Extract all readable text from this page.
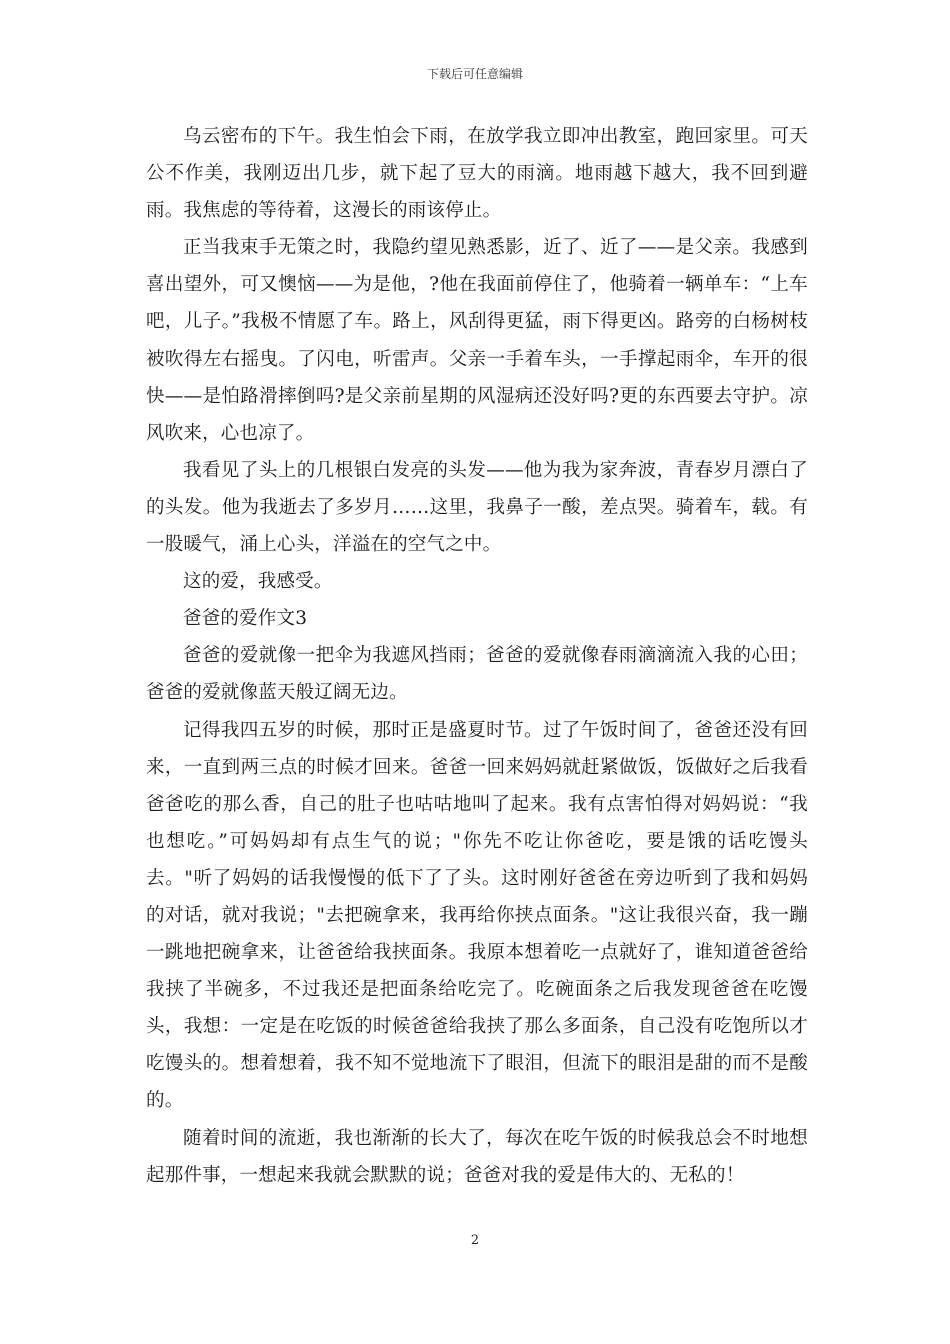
下载后可任意编辑

乌云密布的下午。我生怕会下雨，在放学我立即冲出教室，跑回家里。可天公不作美，我刚迈出几步，就下起了豆大的雨滴。地雨越下越大，我不回到避雨。我焦虑的等待着，这漫长的雨该停止。

正当我束手无策之时，我隐约望见熟悉影，近了、近了——是父亲。我感到喜出望外，可又懊恼——为是他，?他在我面前停住了，他骑着一辆单车：“上车吧，儿子。”我极不情愿了车。路上，风刮得更猛，雨下得更凶。路旁的白杨树枝被吹得左右摇曳。了闪电，听雷声。父亲一手着车头，一手撑起雨伞，车开的很快——是怕路滑摔倒吗?是父亲前星期的风湿病还没好吗?更的东西要去守护。凉风吹来，心也凉了。

我看见了头上的几根银白发亮的头发——他为我为家奔波，青春岁月漂白了的头发。他为我逝去了多岁月……这里，我鼻子一酸，差点哭。骑着车，载。有一股暖气，涌上心头，洋溢在的空气之中。

这的爱，我感受。

爸爸的爱作文3

爸爸的爱就像一把伞为我遮风挡雨；爸爸的爱就像春雨滴滴流入我的心田；爸爸的爱就像蓝天般辽阔无边。

记得我四五岁的时候，那时正是盛夏时节。过了午饭时间了，爸爸还没有回来，一直到两三点的时候才回来。爸爸一回来妈妈就赶紧做饭，饭做好之后我看爸爸吃的那么香，自己的肚子也咕咕地叫了起来。我有点害怕得对妈妈说：“我也想吃。”可妈妈却有点生气的说；"你先不吃让你爸吃，要是饿的话吃馒头去。"听了妈妈的话我慢慢的低下了了头。这时刚好爸爸在旁边听到了我和妈妈的对话，就对我说；"去把碗拿来，我再给你挟点面条。"这让我很兴奋，我一蹦一跳地把碗拿来，让爸爸给我挟面条。我原本想着吃一点就好了，谁知道爸爸给我挟了半碗多，不过我还是把面条给吃完了。吃碗面条之后我发现爸爸在吃馒头，我想：一定是在吃饭的时候爸爸给我挟了那么多面条，自己没有吃饱所以才吃馒头的。想着想着，我不知不觉地流下了眼泪，但流下的眼泪是甜的而不是酸的。

随着时间的流逝，我也渐渐的长大了，每次在吃午饭的时候我总会不时地想起那件事，一想起来我就会默默的说；爸爸对我的爱是伟大的、无私的！

2
